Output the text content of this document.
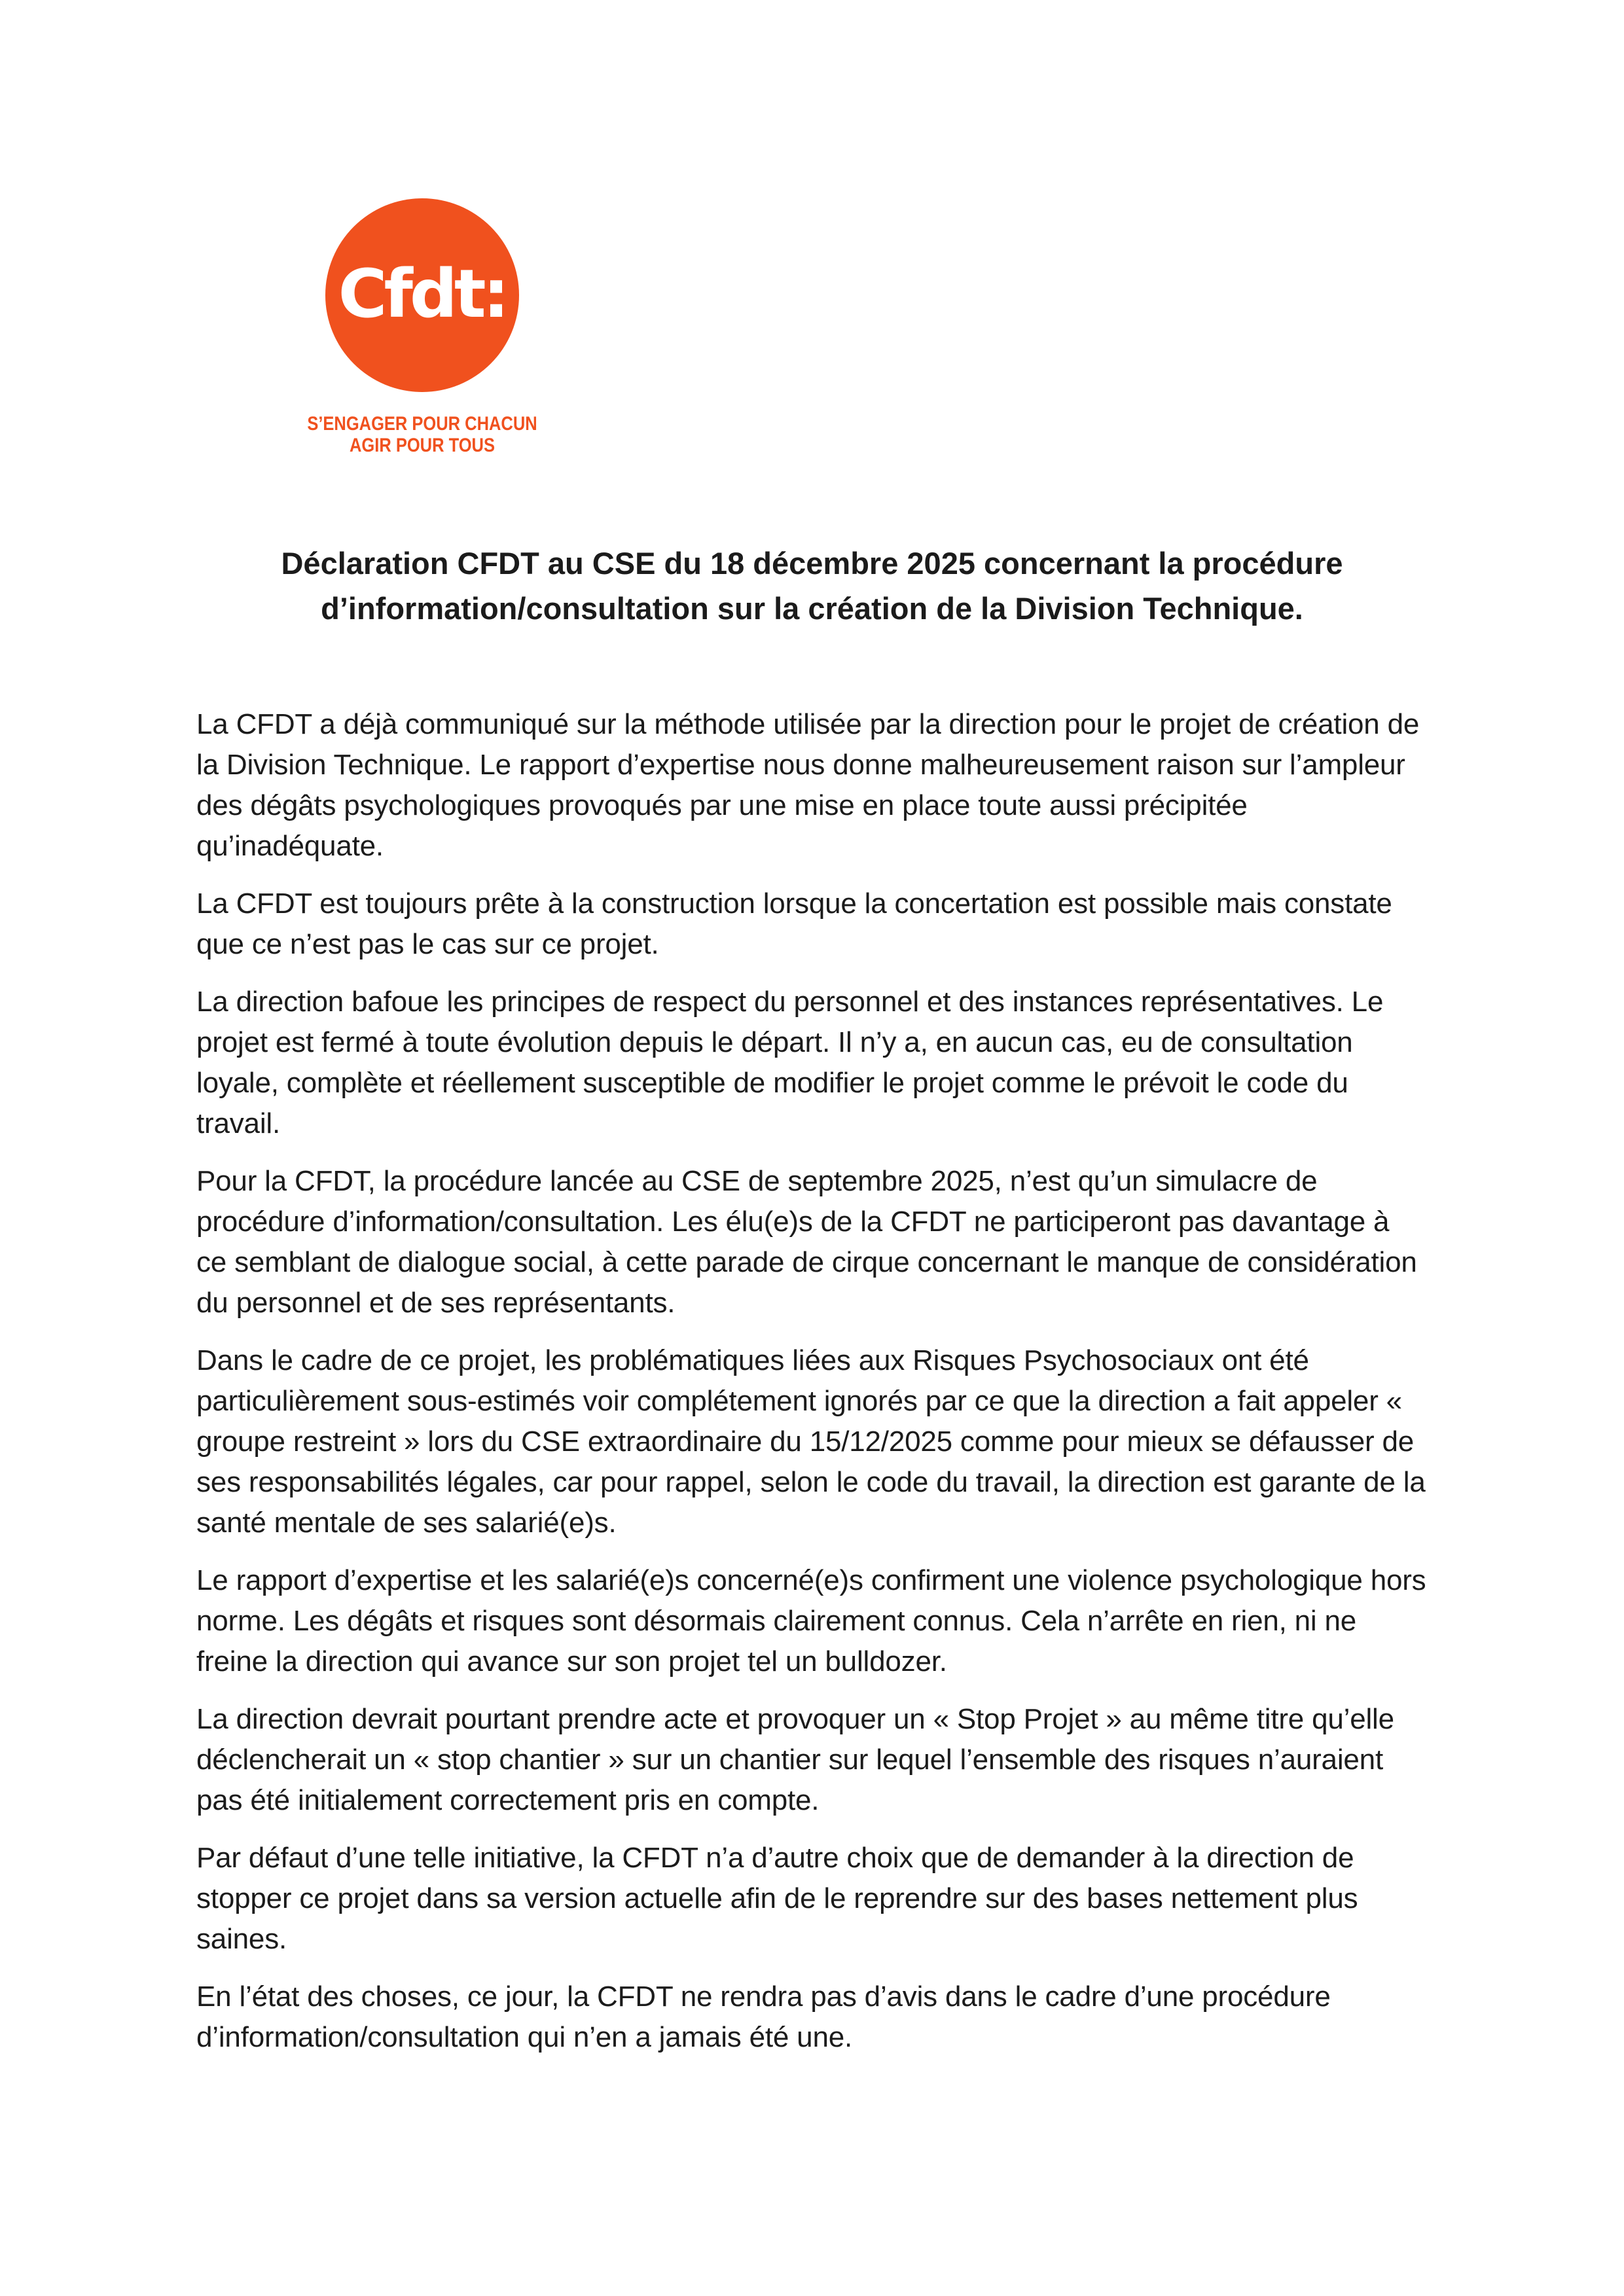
Cfdt:
S’ENGAGER POUR CHACUN
AGIR POUR TOUS
Déclaration CFDT au CSE du 18 décembre 2025 concernant la procédure
d’information/consultation sur la création de la Division Technique.

La CFDT a déjà communiqué sur la méthode utilisée par la direction pour le projet de création de la Division Technique. Le rapport d’expertise nous donne malheureusement raison sur l’ampleur des dégâts psychologiques provoqués par une mise en place toute aussi précipitée qu’inadéquate.

La CFDT est toujours prête à la construction lorsque la concertation est possible mais constate que ce n’est pas le cas sur ce projet.

La direction bafoue les principes de respect du personnel et des instances représentatives. Le projet est fermé à toute évolution depuis le départ. Il n’y a, en aucun cas, eu de consultation loyale, complète et réellement susceptible de modifier le projet comme le prévoit le code du travail.

Pour la CFDT, la procédure lancée au CSE de septembre 2025, n’est qu’un simulacre de procédure d’information/consultation. Les élu(e)s de la CFDT ne participeront pas davantage à ce semblant de dialogue social, à cette parade de cirque concernant le manque de considération du personnel et de ses représentants.

Dans le cadre de ce projet, les problématiques liées aux Risques Psychosociaux ont été particulièrement sous-estimés voir complétement ignorés par ce que la direction a fait appeler « groupe restreint » lors du CSE extraordinaire du 15/12/2025 comme pour mieux se défausser de ses responsabilités légales, car pour rappel, selon le code du travail, la direction est garante de la santé mentale de ses salarié(e)s.

Le rapport d’expertise et les salarié(e)s concerné(e)s confirment une violence psychologique hors norme. Les dégâts et risques sont désormais clairement connus. Cela n’arrête en rien, ni ne freine la direction qui avance sur son projet tel un bulldozer.

La direction devrait pourtant prendre acte et provoquer un « Stop Projet » au même titre qu’elle déclencherait un « stop chantier » sur un chantier sur lequel l’ensemble des risques n’auraient pas été initialement correctement pris en compte.

Par défaut d’une telle initiative, la CFDT n’a d’autre choix que de demander à la direction de stopper ce projet dans sa version actuelle afin de le reprendre sur des bases nettement plus saines.

En l’état des choses, ce jour, la CFDT ne rendra pas d’avis dans le cadre d’une procédure d’information/consultation qui n’en a jamais été une.
